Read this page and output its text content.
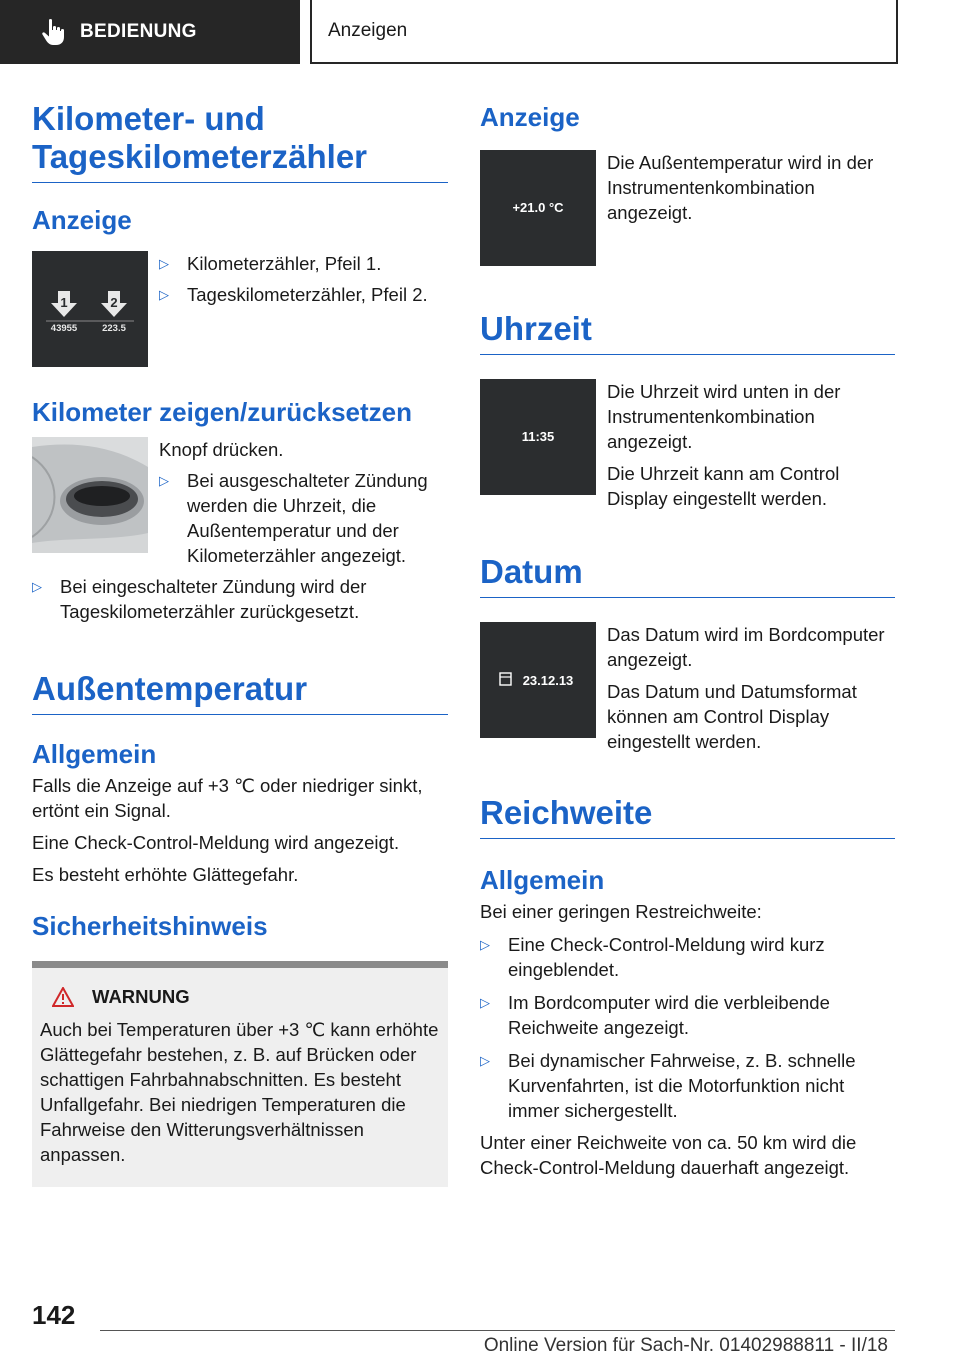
BEDIENUNG	Anzeigen
Kilometer- und Tageskilometerzähler
Anzeige
1	2
43955	223.5
▷ Kilometerzähler, Pfeil 1.
▷ Tageskilometerzähler, Pfeil 2.
Kilometer zeigen/zurücksetzen

Knopf drücken.

▷ Bei ausgeschalteter Zündung werden die Uhrzeit, die Außentemperatur und der Kilometerzähler angezeigt.
▷ Bei eingeschalteter Zündung wird der Tageskilometerzähler zurückgesetzt.
Außentemperatur
Allgemein

Falls die Anzeige auf +3 ℃ oder niedriger sinkt, ertönt ein Signal.

Eine Check-Control-Meldung wird angezeigt.

Es besteht erhöhte Glättegefahr.

Sicherheitshinweis
WARNUNG

Auch bei Temperaturen über +3 ℃ kann erhöhte Glättegefahr bestehen, z. B. auf Brücken oder schattigen Fahrbahnabschnitten. Es besteht Unfallgefahr. Bei niedrigen Temperaturen die Fahrweise den Witterungsverhältnissen anpassen.

Anzeige
+21.0 °C

Die Außentemperatur wird in der Instrumentenkombination angezeigt.

Uhrzeit
11:35

Die Uhrzeit wird unten in der Instrumentenkombination angezeigt.

Die Uhrzeit kann am Control Display eingestellt werden.

Datum
23.12.13

Das Datum wird im Bordcomputer angezeigt.

Das Datum und Datumsformat können am Control Display eingestellt werden.

Reichweite
Allgemein

Bei einer geringen Restreichweite:

▷ Eine Check-Control-Meldung wird kurz eingeblendet.
▷ Im Bordcomputer wird die verbleibende Reichweite angezeigt.
▷ Bei dynamischer Fahrweise, z. B. schnelle Kurvenfahrten, ist die Motorfunktion nicht immer sichergestellt.

Unter einer Reichweite von ca. 50 km wird die Check-Control-Meldung dauerhaft angezeigt.

142
Online Version für Sach-Nr. 01402988811 - II/18
